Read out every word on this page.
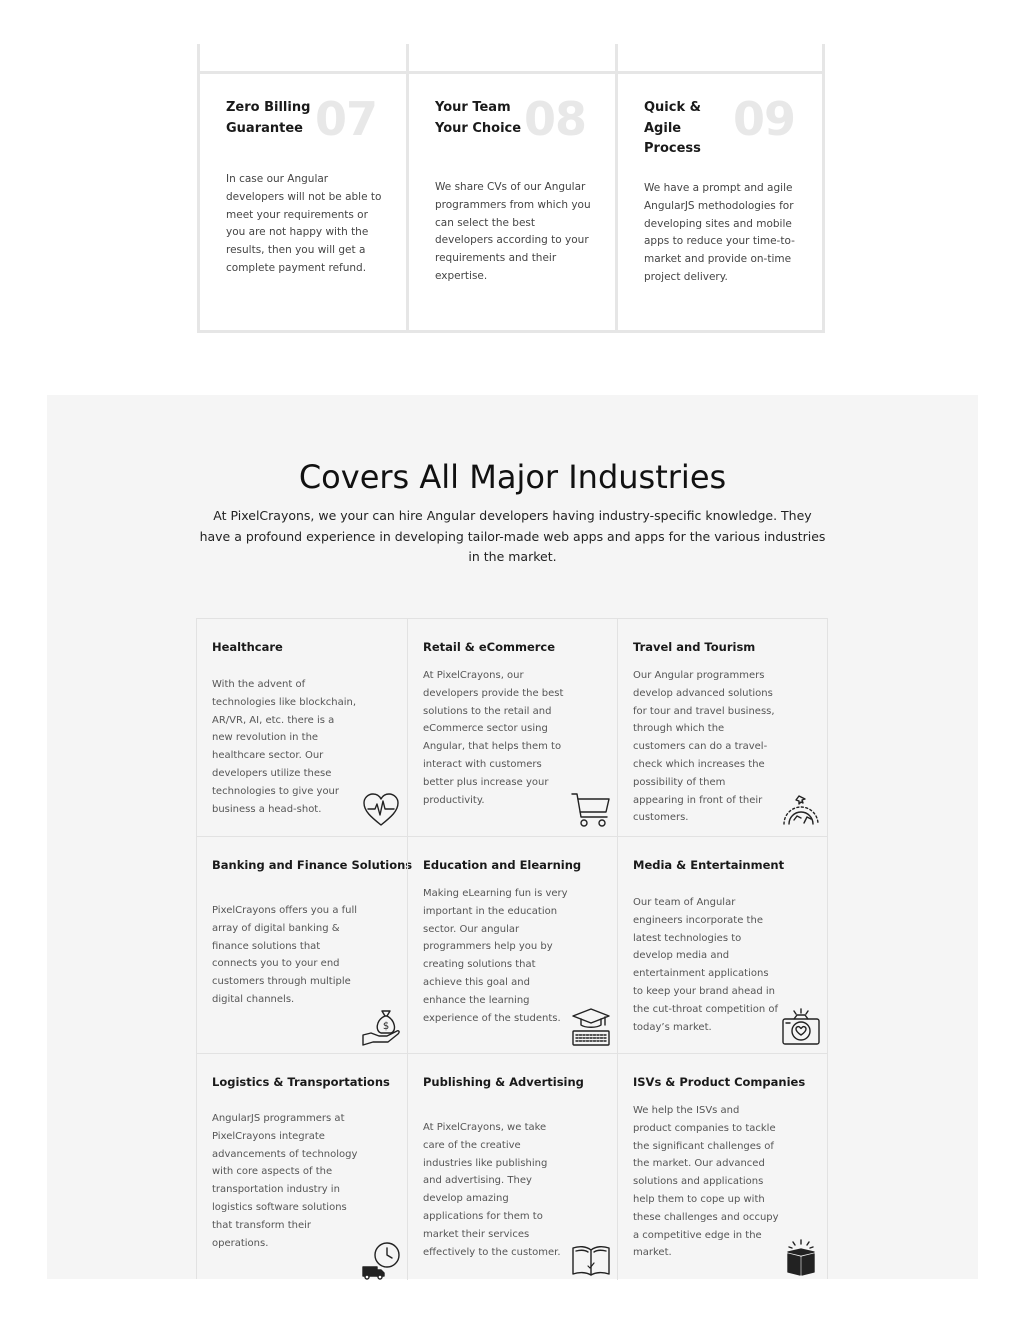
Zero Billing Guarantee 07
In case our Angular developers will not be able to meet your requirements or you are not happy with the results, then you will get a complete payment refund.
Your Team Your Choice 08
We share CVs of our Angular programmers from which you can select the best developers according to your requirements and their expertise.
Quick & Agile Process
09
We have a prompt and agile AngularJS methodologies for developing sites and mobile apps to reduce your time-to-market and provide on-time project delivery.
Covers All Major Industries

At PixelCrayons, we your can hire Angular developers having industry-specific knowledge. They have a profound experience in developing tailor-made web apps and apps for the various industries in the market.

Healthcare
With the advent of technologies like blockchain, AR/VR, AI, etc. there is a new revolution in the healthcare sector. Our developers utilize these technologies to give your business a head-shot.
Retail & eCommerce
At PixelCrayons, our developers provide the best solutions to the retail and eCommerce sector using Angular, that helps them to interact with customers better plus increase your productivity.
Travel and Tourism
Our Angular programmers develop advanced solutions for tour and travel business, through which the customers can do a travel-check which increases the possibility of them appearing in front of their customers.
Banking and Finance Solutions
PixelCrayons offers you a full array of digital banking & finance solutions that connects you to your end customers through multiple digital channels.
$
Education and Elearning
Making eLearning fun is very important in the education sector. Our angular programmers help you by creating solutions that achieve this goal and enhance the learning experience of the students.
Media & Entertainment
Our team of Angular engineers incorporate the latest technologies to develop media and entertainment applications to keep your brand ahead in the cut-throat competition of today’s market.
Logistics & Transportations
AngularJS programmers at PixelCrayons integrate advancements of technology with core aspects of the transportation industry in logistics software solutions that transform their operations.
Publishing & Advertising
At PixelCrayons, we take care of the creative industries like publishing and advertising. They develop amazing applications for them to market their services effectively to the customer.
ISVs & Product Companies
We help the ISVs and product companies to tackle the significant challenges of the market. Our advanced solutions and applications help them to cope up with these challenges and occupy a competitive edge in the market.
